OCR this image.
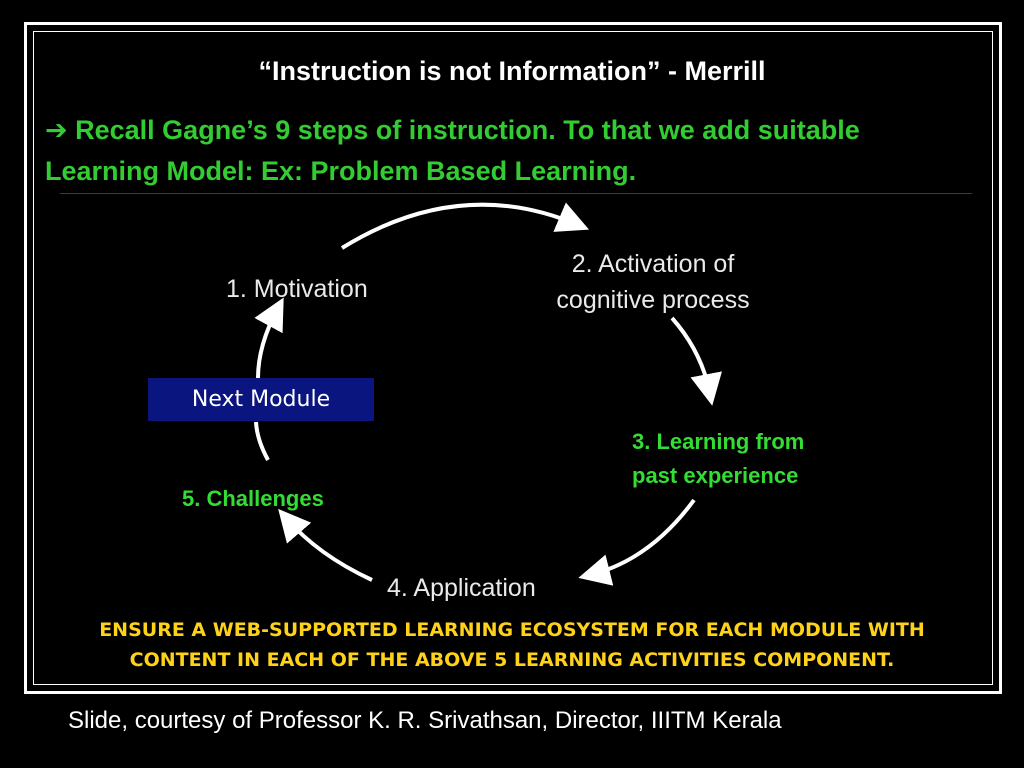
“Instruction is not Information” - Merrill
➔ Recall Gagne’s 9 steps of instruction. To that we add suitable Learning Model: Ex: Problem Based Learning.
1. Motivation
2. Activation of
cognitive process
3. Learning from
past experience
4. Application
5. Challenges
Next Module
ENSURE A WEB-SUPPORTED LEARNING ECOSYSTEM FOR EACH MODULE WITH
CONTENT IN EACH OF THE ABOVE 5 LEARNING ACTIVITIES COMPONENT.
Slide, courtesy of Professor K. R. Srivathsan, Director, IIITM Kerala
